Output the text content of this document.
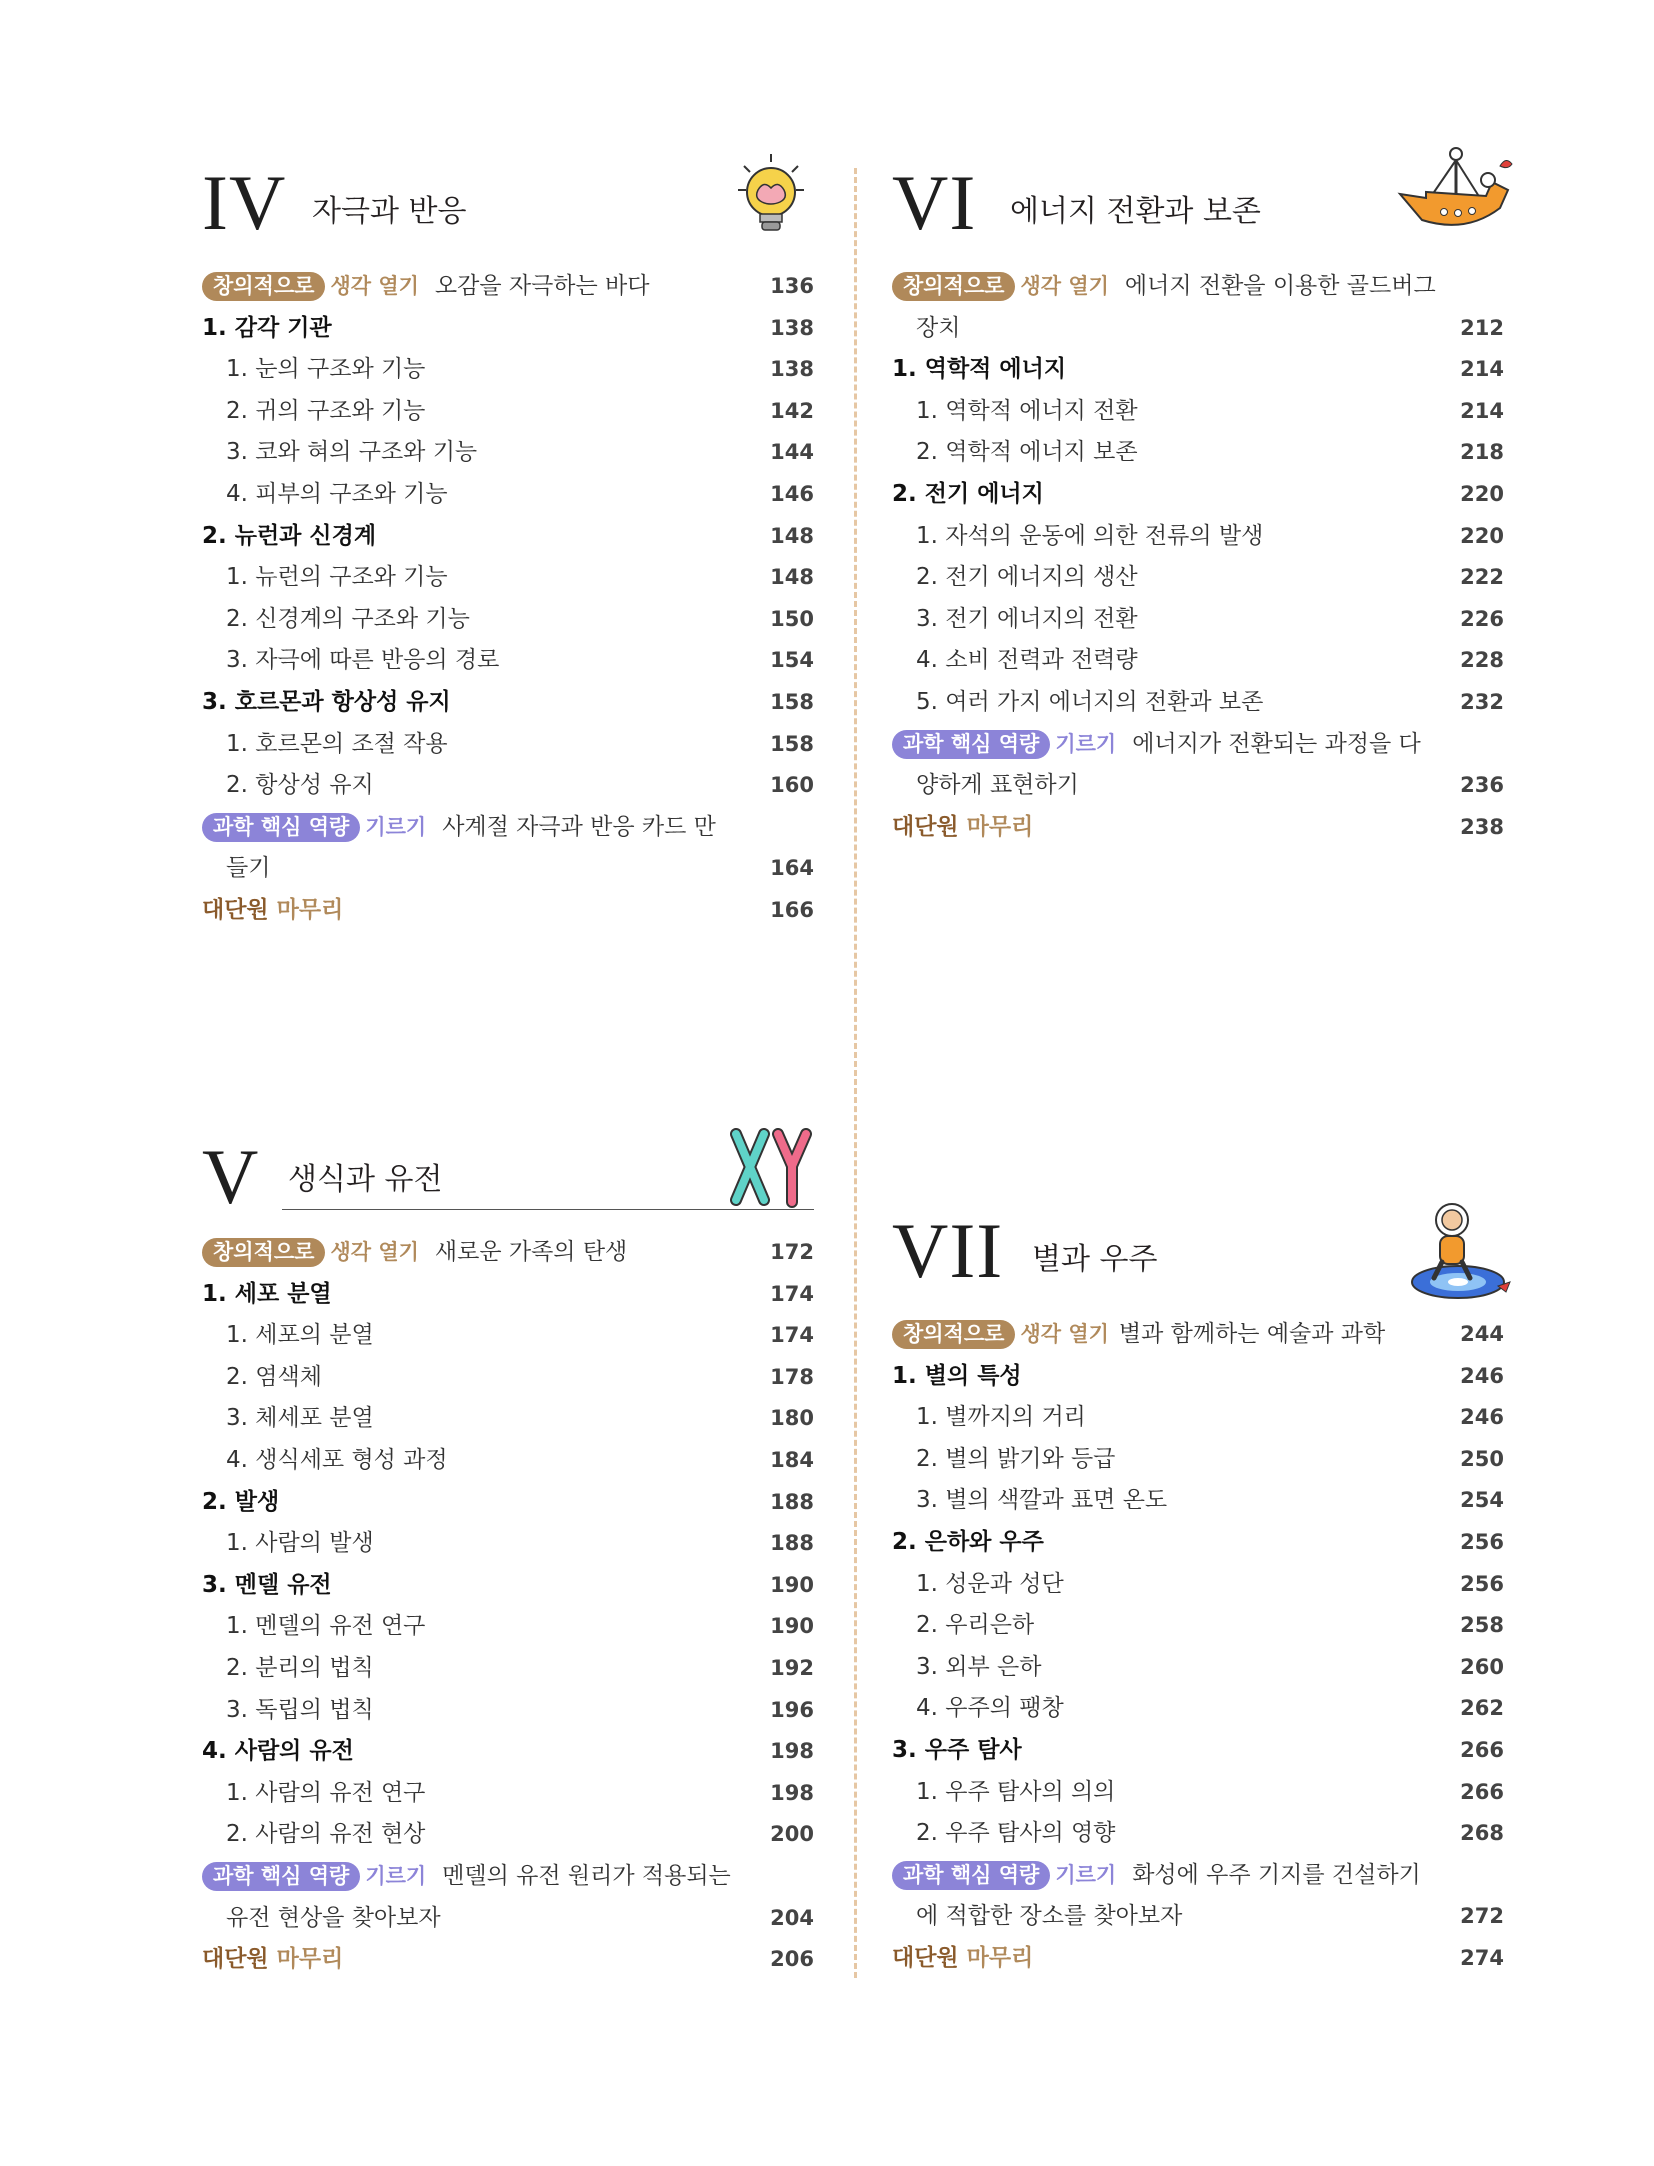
IV 자극과 반응
창의적으로 생각 열기 오감을 자극하는 바다	136
1. 감각 기관	138
1. 눈의 구조와 기능	138
2. 귀의 구조와 기능	142
3. 코와 혀의 구조와 기능	144
4. 피부의 구조와 기능	146
2. 뉴런과 신경계	148
1. 뉴런의 구조와 기능	148
2. 신경계의 구조와 기능	150
3. 자극에 따른 반응의 경로	154
3. 호르몬과 항상성 유지	158
1. 호르몬의 조절 작용	158
2. 항상성 유지	160
과학 핵심 역량 기르기 사계절 자극과 반응 카드 만
들기	164
대단원 마무리	166
V 생식과 유전
창의적으로 생각 열기 새로운 가족의 탄생	172
1. 세포 분열	174
1. 세포의 분열	174
2. 염색체	178
3. 체세포 분열	180
4. 생식세포 형성 과정	184
2. 발생	188
1. 사람의 발생	188
3. 멘델 유전	190
1. 멘델의 유전 연구	190
2. 분리의 법칙	192
3. 독립의 법칙	196
4. 사람의 유전	198
1. 사람의 유전 연구	198
2. 사람의 유전 현상	200
과학 핵심 역량 기르기 멘델의 유전 원리가 적용되는
유전 현상을 찾아보자	204
대단원 마무리	206
VI 에너지 전환과 보존
창의적으로 생각 열기 에너지 전환을 이용한 골드버그
장치	212
1. 역학적 에너지	214
1. 역학적 에너지 전환	214
2. 역학적 에너지 보존	218
2. 전기 에너지	220
1. 자석의 운동에 의한 전류의 발생	220
2. 전기 에너지의 생산	222
3. 전기 에너지의 전환	226
4. 소비 전력과 전력량	228
5. 여러 가지 에너지의 전환과 보존	232
과학 핵심 역량 기르기 에너지가 전환되는 과정을 다
양하게 표현하기	236
대단원 마무리	238
VII 별과 우주
창의적으로 생각 열기 별과 함께하는 예술과 과학	244
1. 별의 특성	246
1. 별까지의 거리	246
2. 별의 밝기와 등급	250
3. 별의 색깔과 표면 온도	254
2. 은하와 우주	256
1. 성운과 성단	256
2. 우리은하	258
3. 외부 은하	260
4. 우주의 팽창	262
3. 우주 탐사	266
1. 우주 탐사의 의의	266
2. 우주 탐사의 영향	268
과학 핵심 역량 기르기 화성에 우주 기지를 건설하기
에 적합한 장소를 찾아보자	272
대단원 마무리	274
